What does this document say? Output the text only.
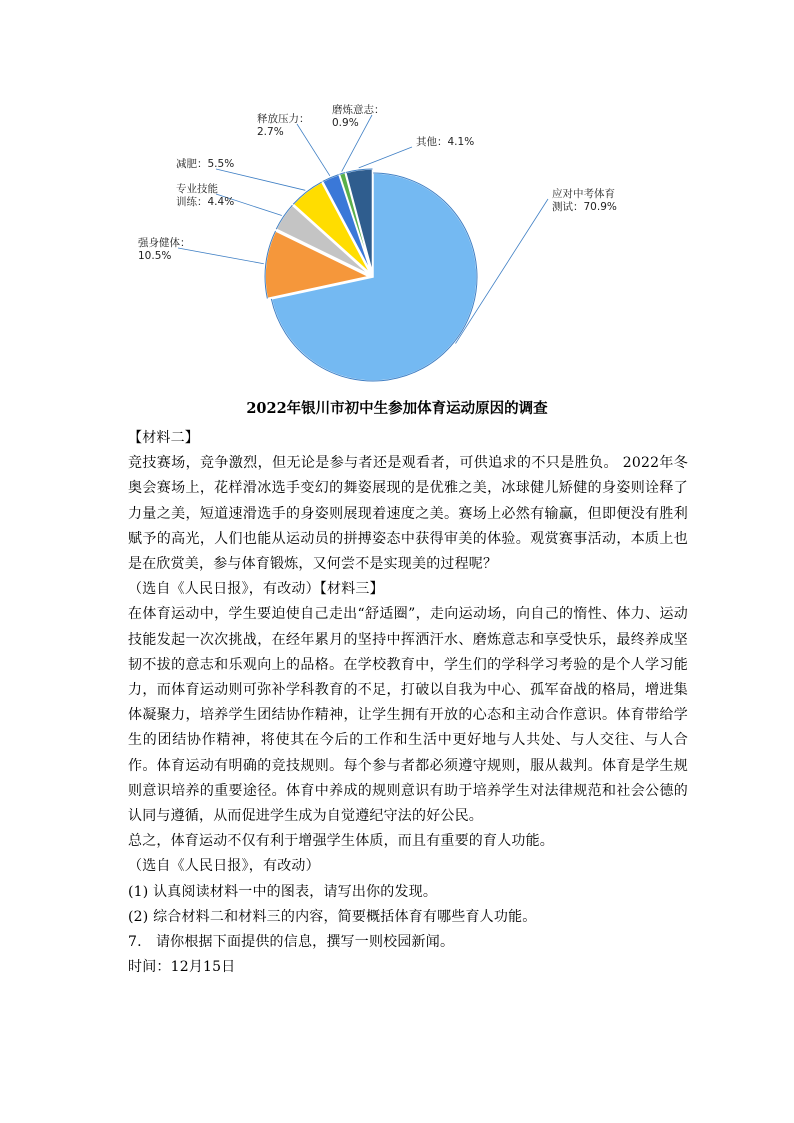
应对中考体育测试：70.9%
强身健体： 10.5%
专业技能训练：4.4%
减肥：5.5%
释放压力： 2.7%
磨炼意志： 0.9%
其他：4.1%
2022年银川市初中生参加体育运动原因的调查

【材料二】

竞技赛场，竞争激烈，但无论是参与者还是观看者，可供追求的不只是胜负。 2022年冬奥会赛场上，花样滑冰选手变幻的舞姿展现的是优雅之美，冰球健儿矫健的身姿则诠释了力量之美，短道速滑选手的身姿则展现着速度之美。赛场上必然有输赢，但即便没有胜利赋予的高光，人们也能从运动员的拼搏姿态中获得审美的体验。观赏赛事活动，本质上也是在欣赏美，参与体育锻炼，又何尝不是实现美的过程呢？

（选自《人民日报》，有改动）【材料三】

在体育运动中，学生要迫使自己走出“舒适圈”，走向运动场，向自己的惰性、体力、运动技能发起一次次挑战，在经年累月的坚持中挥洒汗水、磨炼意志和享受快乐，最终养成坚韧不拔的意志和乐观向上的品格。在学校教育中，学生们的学科学习考验的是个人学习能力，而体育运动则可弥补学科教育的不足，打破以自我为中心、孤军奋战的格局，增进集体凝聚力，培养学生团结协作精神，让学生拥有开放的心态和主动合作意识。体育带给学生的团结协作精神，将使其在今后的工作和生活中更好地与人共处、与人交往、与人合作。体育运动有明确的竞技规则。每个参与者都必须遵守规则，服从裁判。体育是学生规则意识培养的重要途径。体育中养成的规则意识有助于培养学生对法律规范和社会公德的认同与遵循，从而促进学生成为自觉遵纪守法的好公民。

总之，体育运动不仅有利于增强学生体质，而且有重要的育人功能。

（选自《人民日报》，有改动）

(1) 认真阅读材料一中的图表，请写出你的发现。

(2) 综合材料二和材料三的内容，简要概括体育有哪些育人功能。

7.　请你根据下面提供的信息，撰写一则校园新闻。

时间：12月15日
